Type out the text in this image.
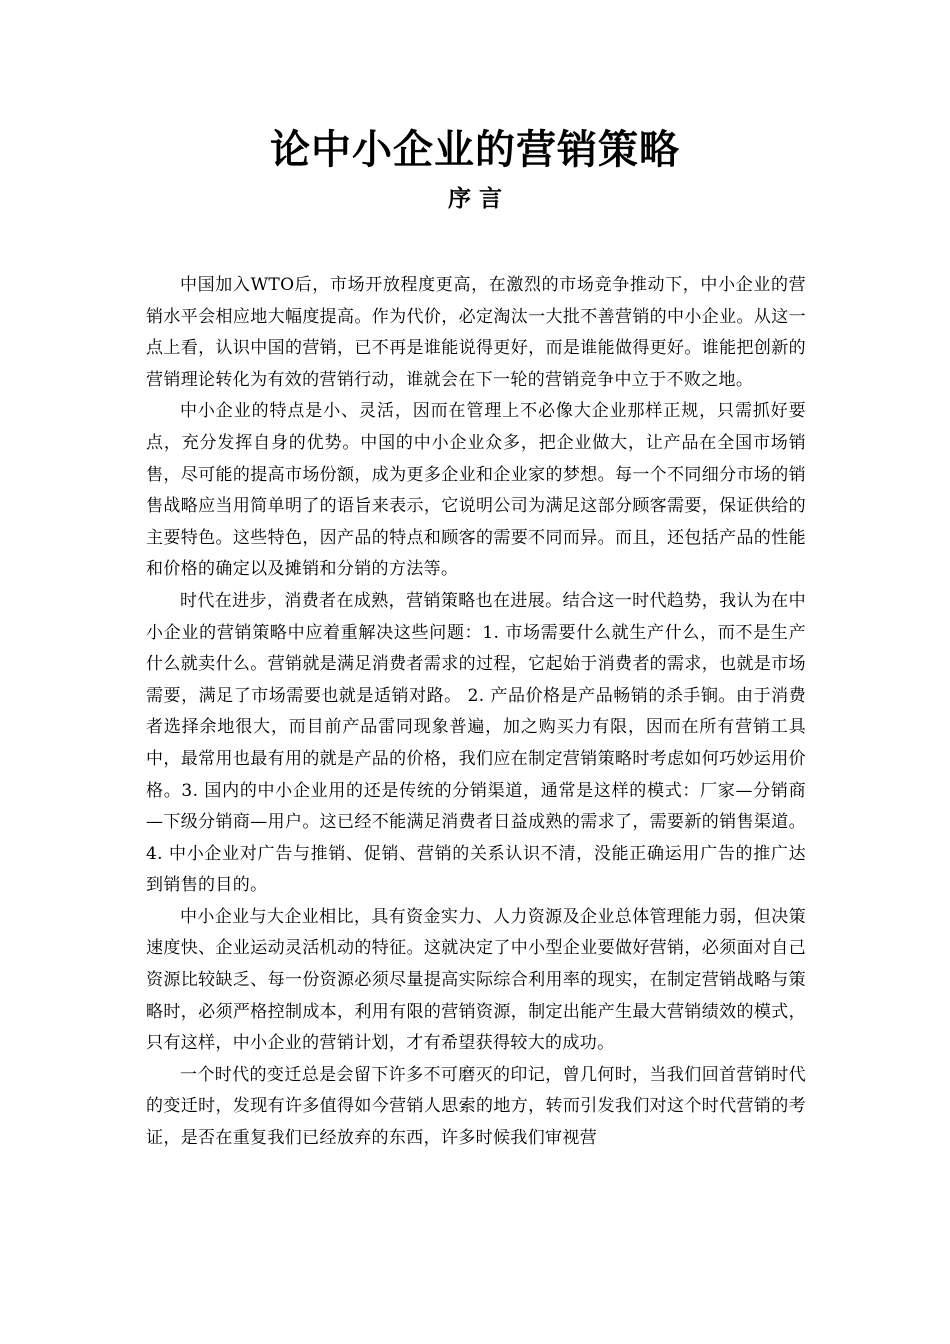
论中小企业的营销策略
序 言

中国加入WTO后，市场开放程度更高，在激烈的市场竞争推动下，中小企业的营销水平会相应地大幅度提高。作为代价，必定淘汰一大批不善营销的中小企业。从这一点上看，认识中国的营销，已不再是谁能说得更好，而是谁能做得更好。谁能把创新的营销理论转化为有效的营销行动，谁就会在下一轮的营销竞争中立于不败之地。

中小企业的特点是小、灵活，因而在管理上不必像大企业那样正规，只需抓好要点，充分发挥自身的优势。中国的中小企业众多，把企业做大，让产品在全国市场销售，尽可能的提高市场份额，成为更多企业和企业家的梦想。每一个不同细分市场的销售战略应当用简单明了的语旨来表示，它说明公司为满足这部分顾客需要，保证供给的主要特色。这些特色，因产品的特点和顾客的需要不同而异。而且，还包括产品的性能和价格的确定以及摊销和分销的方法等。

时代在进步，消费者在成熟，营销策略也在进展。结合这一时代趋势，我认为在中小企业的营销策略中应着重解决这些问题：1. 市场需要什么就生产什么，而不是生产什么就卖什么。营销就是满足消费者需求的过程，它起始于消费者的需求，也就是市场需要，满足了市场需要也就是适销对路。 2. 产品价格是产品畅销的杀手锏。由于消费者选择余地很大，而目前产品雷同现象普遍，加之购买力有限，因而在所有营销工具中，最常用也最有用的就是产品的价格，我们应在制定营销策略时考虑如何巧妙运用价格。3. 国内的中小企业用的还是传统的分销渠道，通常是这样的模式：厂家—分销商—下级分销商—用户。这已经不能满足消费者日益成熟的需求了，需要新的销售渠道。4. 中小企业对广告与推销、促销、营销的关系认识不清，没能正确运用广告的推广达到销售的目的。

中小企业与大企业相比，具有资金实力、人力资源及企业总体管理能力弱，但决策速度快、企业运动灵活机动的特征。这就决定了中小型企业要做好营销，必须面对自己资源比较缺乏、每一份资源必须尽量提高实际综合利用率的现实，在制定营销战略与策略时，必须严格控制成本，利用有限的营销资源，制定出能产生最大营销绩效的模式，只有这样，中小企业的营销计划，才有希望获得较大的成功。

一个时代的变迁总是会留下许多不可磨灭的印记，曾几何时，当我们回首营销时代的变迁时，发现有许多值得如今营销人思索的地方，转而引发我们对这个时代营销的考证，是否在重复我们已经放弃的东西，许多时候我们审视营
